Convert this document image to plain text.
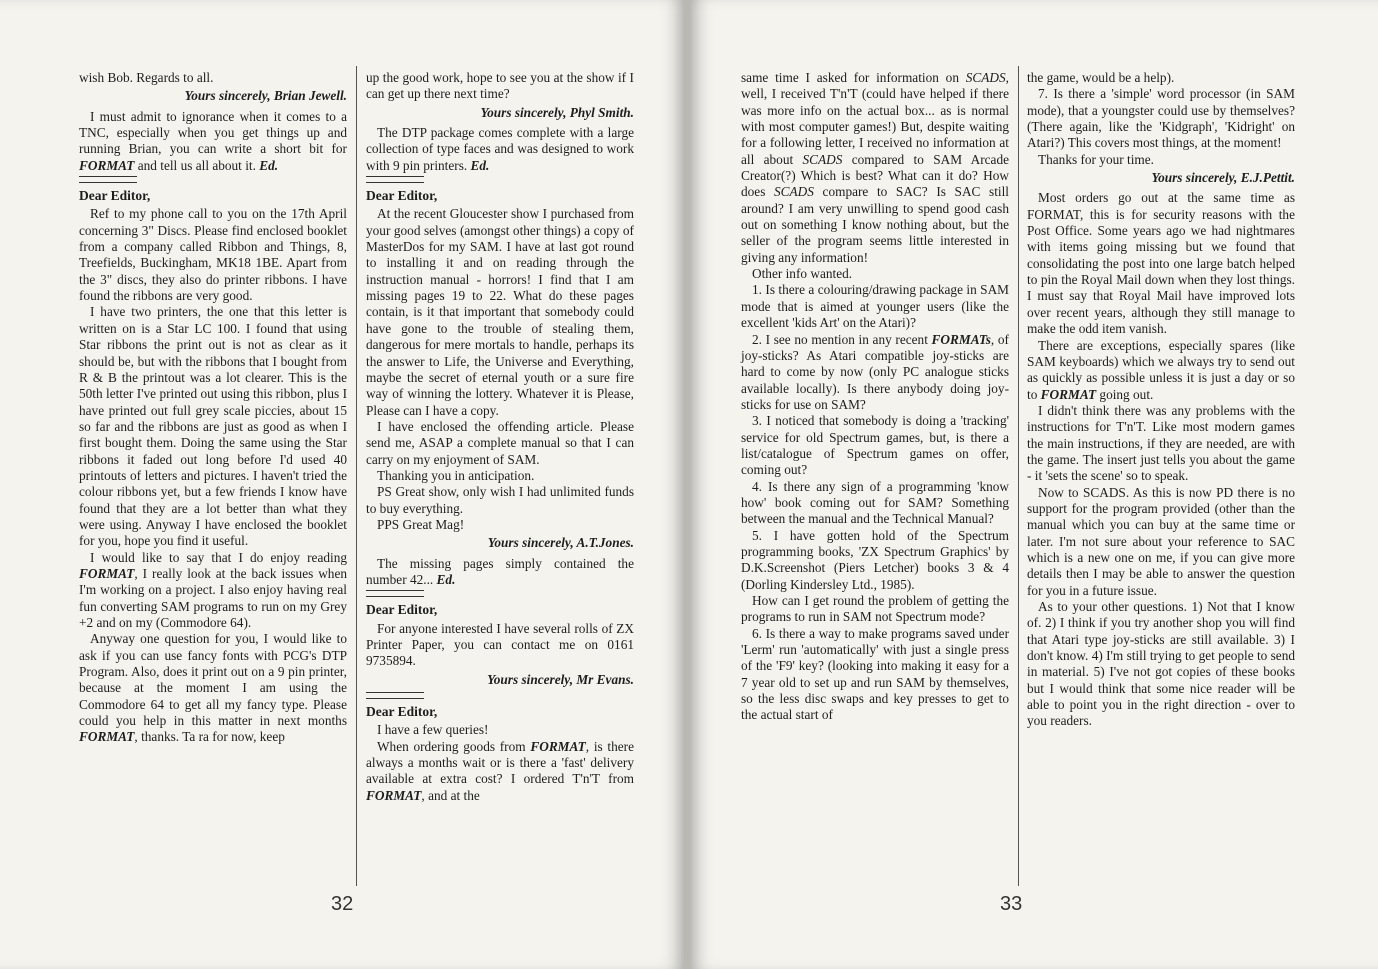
wish Bob. Regards to all.

Yours sincerely, Brian Jewell.

I must admit to ignorance when it comes to a TNC, especially when you get things up and running Brian, you can write a short bit for FORMAT and tell us all about it. Ed.

Dear Editor,

Ref to my phone call to you on the 17th April concerning 3" Discs. Please find enclosed booklet from a company called Ribbon and Things, 8, Treefields, Buckingham, MK18 1BE. Apart from the 3" discs, they also do printer ribbons. I have found the ribbons are very good.

I have two printers, the one that this letter is written on is a Star LC 100. I found that using Star ribbons the print out is not as clear as it should be, but with the ribbons that I bought from R & B the printout was a lot clearer. This is the 50th letter I've printed out using this ribbon, plus I have printed out full grey scale piccies, about 15 so far and the ribbons are just as good as when I first bought them. Doing the same using the Star ribbons it faded out long before I'd used 40 printouts of letters and pictures. I haven't tried the colour ribbons yet, but a few friends I know have found that they are a lot better than what they were using. Anyway I have enclosed the booklet for you, hope you find it useful.

I would like to say that I do enjoy reading FORMAT, I really look at the back issues when I'm working on a project. I also enjoy having real fun converting SAM programs to run on my Grey +2 and on my (Commodore 64).

Anyway one question for you, I would like to ask if you can use fancy fonts with PCG's DTP Program. Also, does it print out on a 9 pin printer, because at the moment I am using the Commodore 64 to get all my fancy type. Please could you help in this matter in next months FORMAT, thanks. Ta ra for now, keep

up the good work, hope to see you at the show if I can get up there next time?

Yours sincerely, Phyl Smith.

The DTP package comes complete with a large collection of type faces and was designed to work with 9 pin printers. Ed.

Dear Editor,

At the recent Gloucester show I purchased from your good selves (amongst other things) a copy of MasterDos for my SAM. I have at last got round to installing it and on reading through the instruction manual - horrors! I find that I am missing pages 19 to 22. What do these pages contain, is it that important that somebody could have gone to the trouble of stealing them, dangerous for mere mortals to handle, perhaps its the answer to Life, the Universe and Everything, maybe the secret of eternal youth or a sure fire way of winning the lottery. Whatever it is Please, Please can I have a copy.

I have enclosed the offending article. Please send me, ASAP a complete manual so that I can carry on my enjoyment of SAM.

Thanking you in anticipation.

PS Great show, only wish I had unlimited funds to buy everything.

PPS Great Mag!

Yours sincerely, A.T.Jones.

The missing pages simply contained the number 42... Ed.

Dear Editor,

For anyone interested I have several rolls of ZX Printer Paper, you can contact me on 0161 9735894.

Yours sincerely, Mr Evans.

Dear Editor,

I have a few queries!

When ordering goods from FORMAT, is there always a months wait or is there a 'fast' delivery available at extra cost? I ordered T'n'T from FORMAT, and at the

32

same time I asked for information on SCADS, well, I received T'n'T (could have helped if there was more info on the actual box... as is normal with most computer games!) But, despite waiting for a following letter, I received no information at all about SCADS compared to SAM Arcade Creator(?) Which is best? What can it do? How does SCADS compare to SAC? Is SAC still around? I am very unwilling to spend good cash out on something I know nothing about, but the seller of the program seems little interested in giving any information!

Other info wanted.

1. Is there a colouring/drawing package in SAM mode that is aimed at younger users (like the excellent 'kids Art' on the Atari)?

2. I see no mention in any recent FORMATs, of joy-sticks? As Atari compatible joy-sticks are hard to come by now (only PC analogue sticks available locally). Is there anybody doing joy-sticks for use on SAM?

3. I noticed that somebody is doing a 'tracking' service for old Spectrum games, but, is there a list/catalogue of Spectrum games on offer, coming out?

4. Is there any sign of a programming 'know how' book coming out for SAM? Something between the manual and the Technical Manual?

5. I have gotten hold of the Spectrum programming books, 'ZX Spectrum Graphics' by D.K.Screenshot (Piers Letcher) books 3 & 4 (Dorling Kindersley Ltd., 1985).

How can I get round the problem of getting the programs to run in SAM not Spectrum mode?

6. Is there a way to make programs saved under 'Lerm' run 'automatically' with just a single press of the 'F9' key? (looking into making it easy for a 7 year old to set up and run SAM by themselves, so the less disc swaps and key presses to get to the actual start of

the game, would be a help).

7. Is there a 'simple' word processor (in SAM mode), that a youngster could use by themselves? (There again, like the 'Kidgraph', 'Kidright' on Atari?) This covers most things, at the moment!

Thanks for your time.

Yours sincerely, E.J.Pettit.

Most orders go out at the same time as FORMAT, this is for security reasons with the Post Office. Some years ago we had nightmares with items going missing but we found that consolidating the post into one large batch helped to pin the Royal Mail down when they lost things. I must say that Royal Mail have improved lots over recent years, although they still manage to make the odd item vanish.

There are exceptions, especially spares (like SAM keyboards) which we always try to send out as quickly as possible unless it is just a day or so to FORMAT going out.

I didn't think there was any problems with the instructions for T'n'T. Like most modern games the main instructions, if they are needed, are with the game. The insert just tells you about the game - it 'sets the scene' so to speak.

Now to SCADS. As this is now PD there is no support for the program provided (other than the manual which you can buy at the same time or later. I'm not sure about your reference to SAC which is a new one on me, if you can give more details then I may be able to answer the question for you in a future issue.

As to your other questions. 1) Not that I know of. 2) I think if you try another shop you will find that Atari type joy-sticks are still available. 3) I don't know. 4) I'm still trying to get people to send in material. 5) I've not got copies of these books but I would think that some nice reader will be able to point you in the right direction - over to you readers.

33
